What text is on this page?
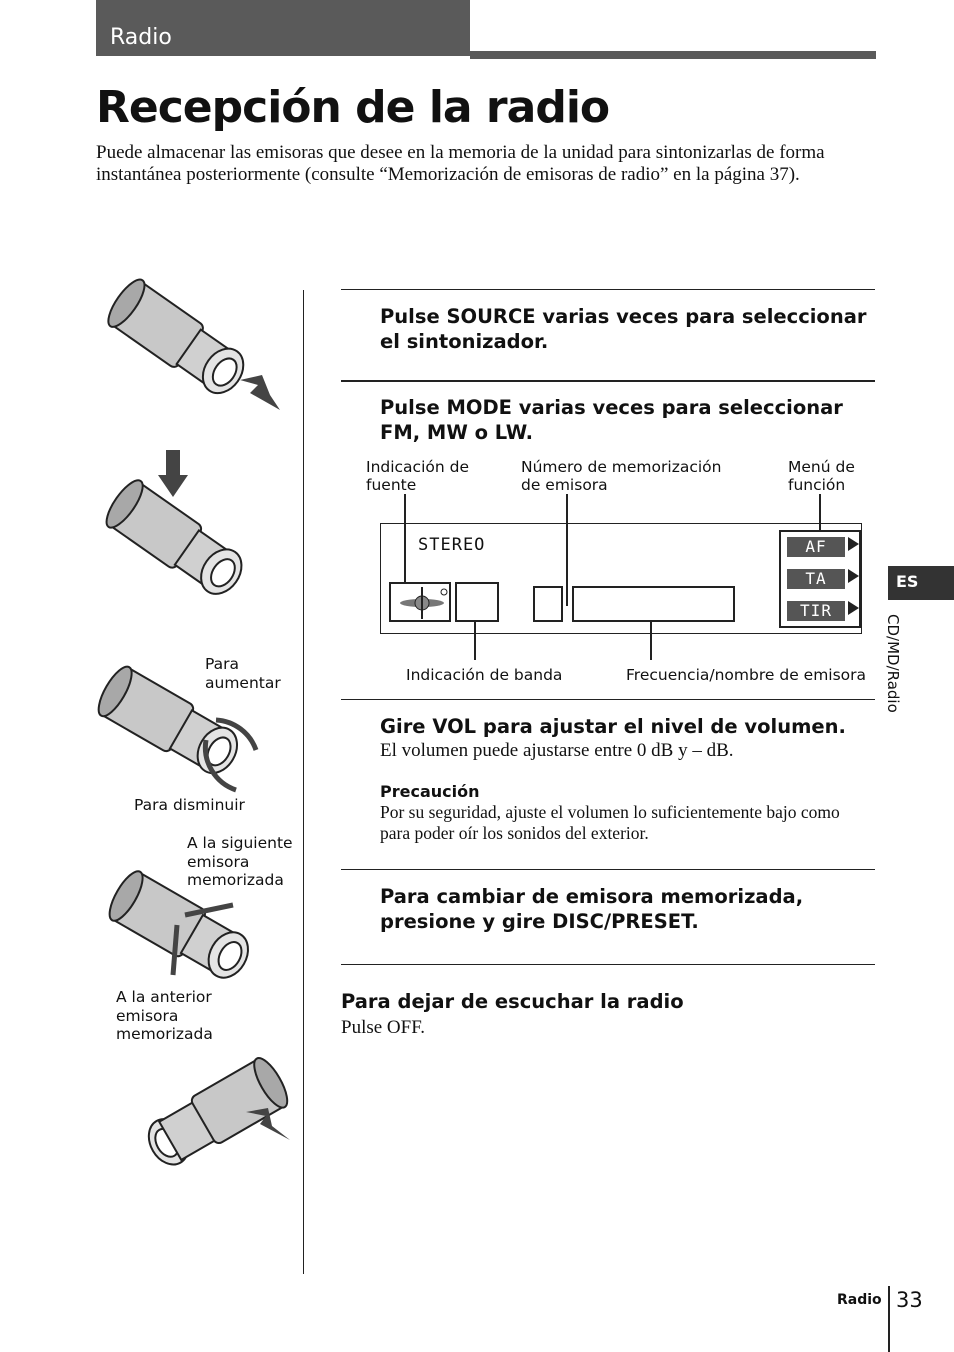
Radio
Recepción de la radio
Puede almacenar las emisoras que desee en la memoria de la unidad para sintonizarlas de forma instantánea posteriormente (consulte “Memorización de emisoras de radio” en la página 37).
Para
aumentar
Para disminuir
A la siguiente
emisora
memorizada
A la anterior
emisora
memorizada
Pulse SOURCE varias veces para seleccionar el sintonizador.
Pulse MODE varias veces para seleccionar FM, MW o LW.
Indicación de
fuente
Número de memorización
de emisora
Menú de
función
STEREO	AF
TA
TIR
Indicación de banda	Frecuencia/nombre de emisora
Gire VOL para ajustar el nivel de volumen.
El volumen puede ajustarse entre 0 dB y – dB.
Precaución
Por su seguridad, ajuste el volumen lo suficientemente bajo como para poder oír los sonidos del exterior.
Para cambiar de emisora memorizada, presione y gire DISC/PRESET.
Para dejar de escuchar la radio
Pulse OFF.
ES
CD/MD/Radio
Radio 33
